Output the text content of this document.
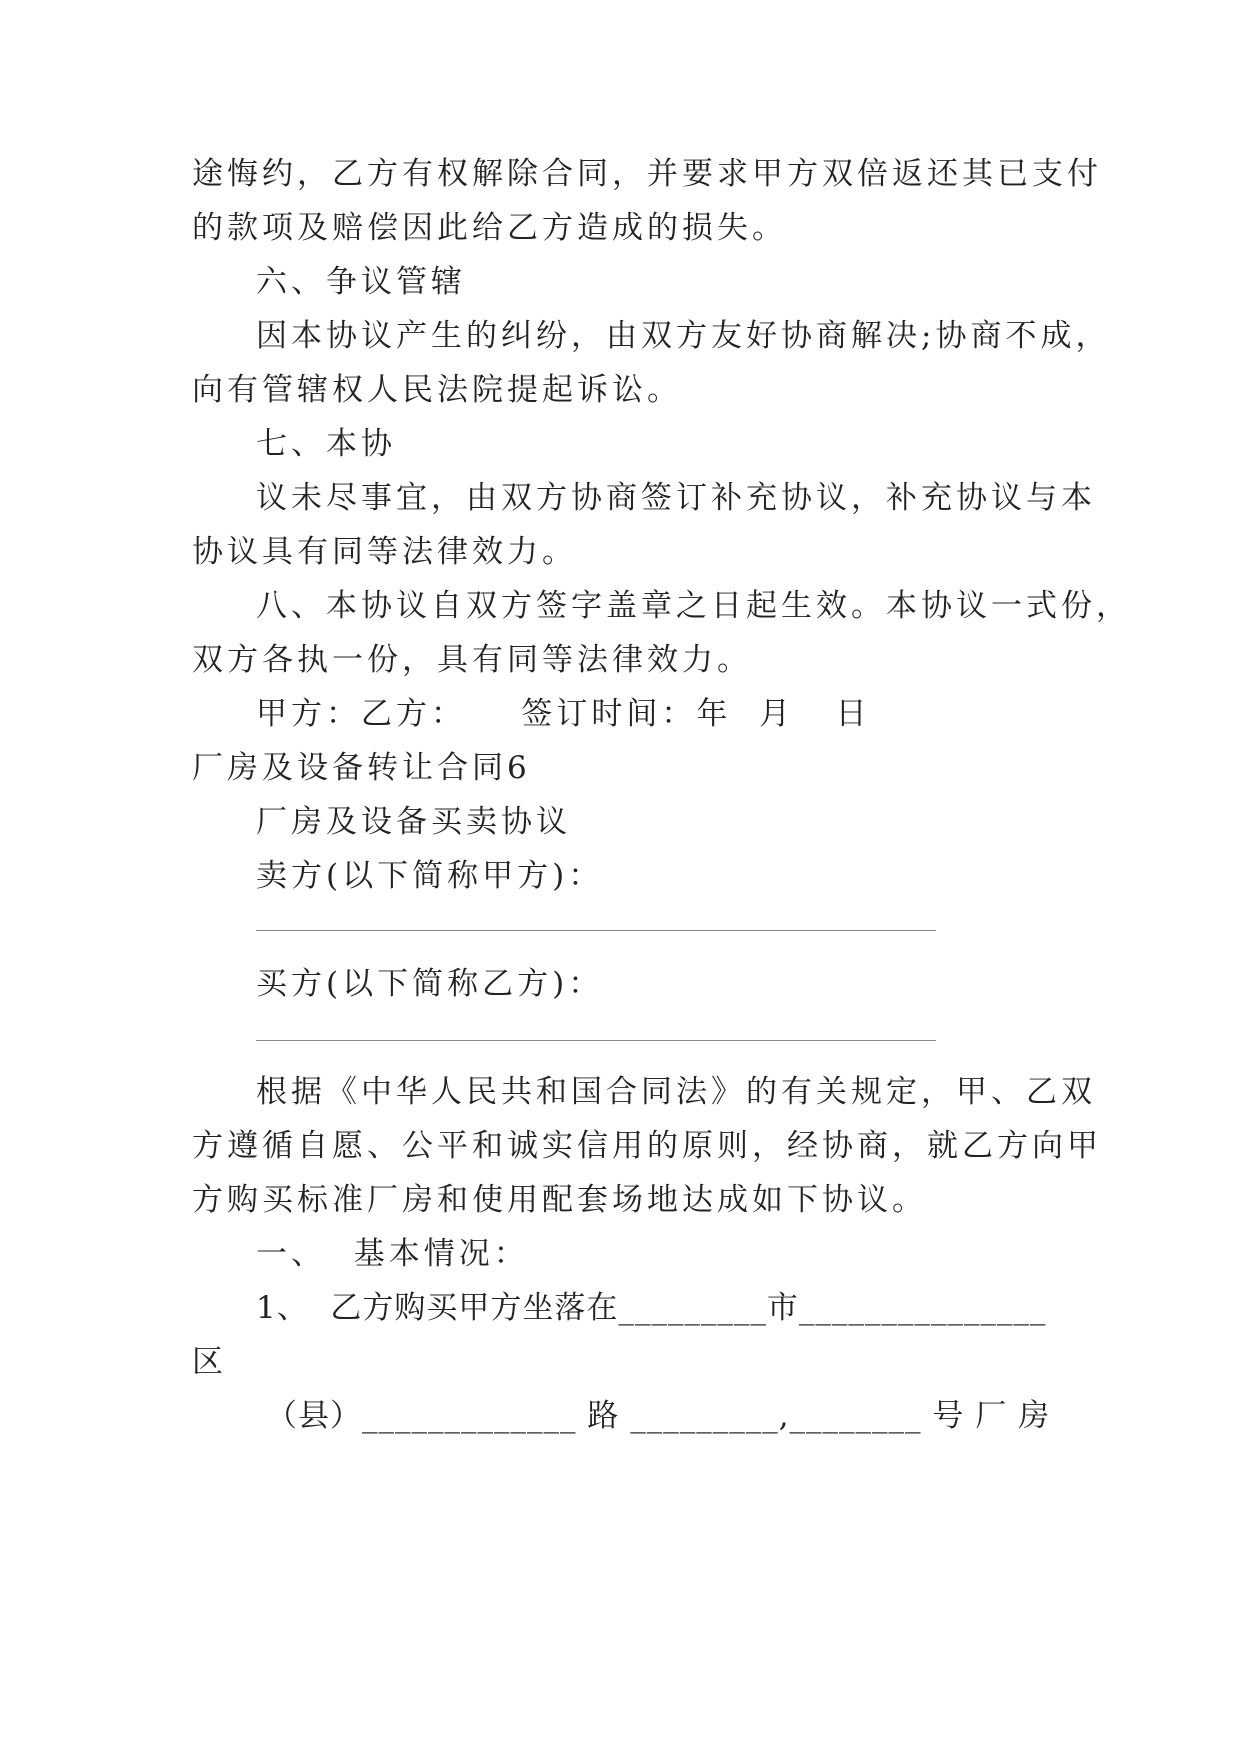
途悔约，乙方有权解除合同，并要求甲方双倍返还其已支付
的款项及赔偿因此给乙方造成的损失。
六、争议管辖
因本协议产生的纠纷，由双方友好协商解决;协商不成，
向有管辖权人民法院提起诉讼。
七、本协
议未尽事宜，由双方协商签订补充协议，补充协议与本
协议具有同等法律效力。
八、本协议自双方签字盖章之日起生效。本协议一式份，
双方各执一份，具有同等法律效力。
甲方：乙方：    签订时间：年  月   日
厂房及设备转让合同6
厂房及设备买卖协议
卖方(以下简称甲方)：
买方(以下简称乙方)：
根据《中华人民共和国合同法》的有关规定，甲、乙双
方遵循自愿、公平和诚实信用的原则，经协商，就乙方向甲
方购买标准厂房和使用配套场地达成如下协议。
一、  基本情况：
1、  乙方购买甲方坐落在_________市_______________
区
（县）_____________ 路 _________,________ 号 厂 房
